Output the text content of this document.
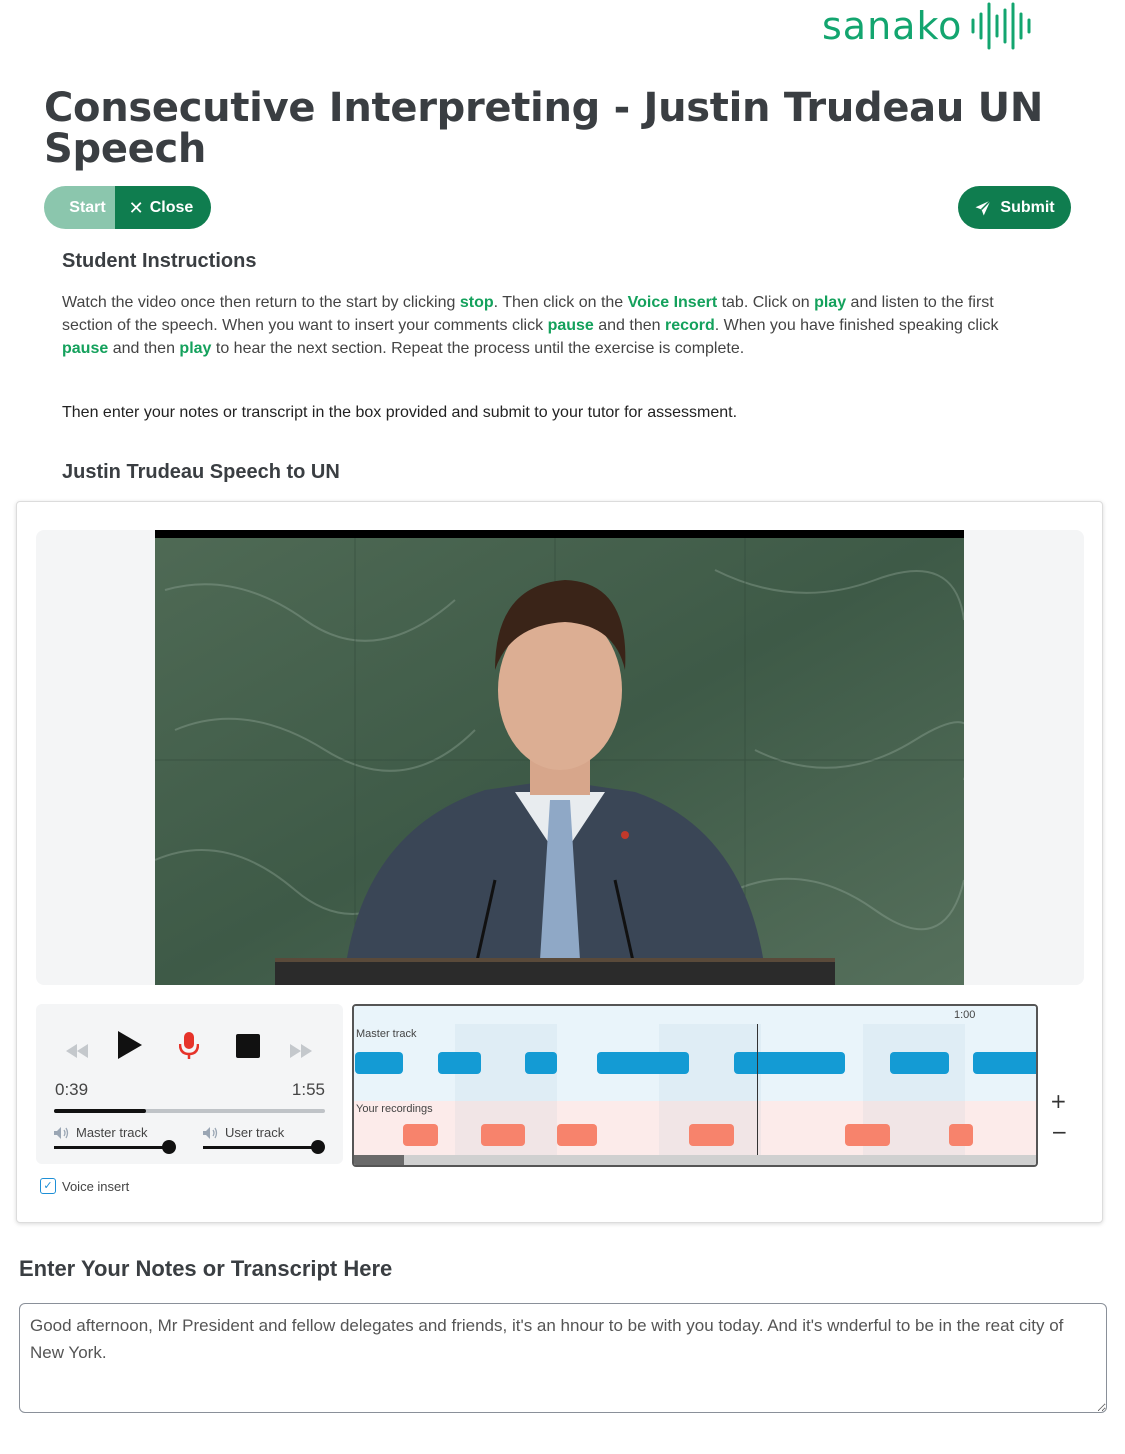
sanako
Consecutive Interpreting - Justin Trudeau UN Speech
Start ✕ Close	Submit
Student Instructions

Watch the video once then return to the start by clicking stop. Then click on the Voice Insert tab. Click on play and listen to the first section of the speech. When you want to insert your comments click pause and then record. When you have finished speaking click pause and then play to hear the next section. Repeat the process until the exercise is complete.

Then enter your notes or transcript in the box provided and submit to your tutor for assessment.

Justin Trudeau Speech to UN
0:39	1:55
Master track	User track
1:00
Master track
Your recordings	+
−
✓ Voice insert
Enter Your Notes or Transcript Here
Good afternoon, Mr President and fellow delegates and friends, it's an hnour to be with you today. And it's wnderful to be in the reat city of New York.
